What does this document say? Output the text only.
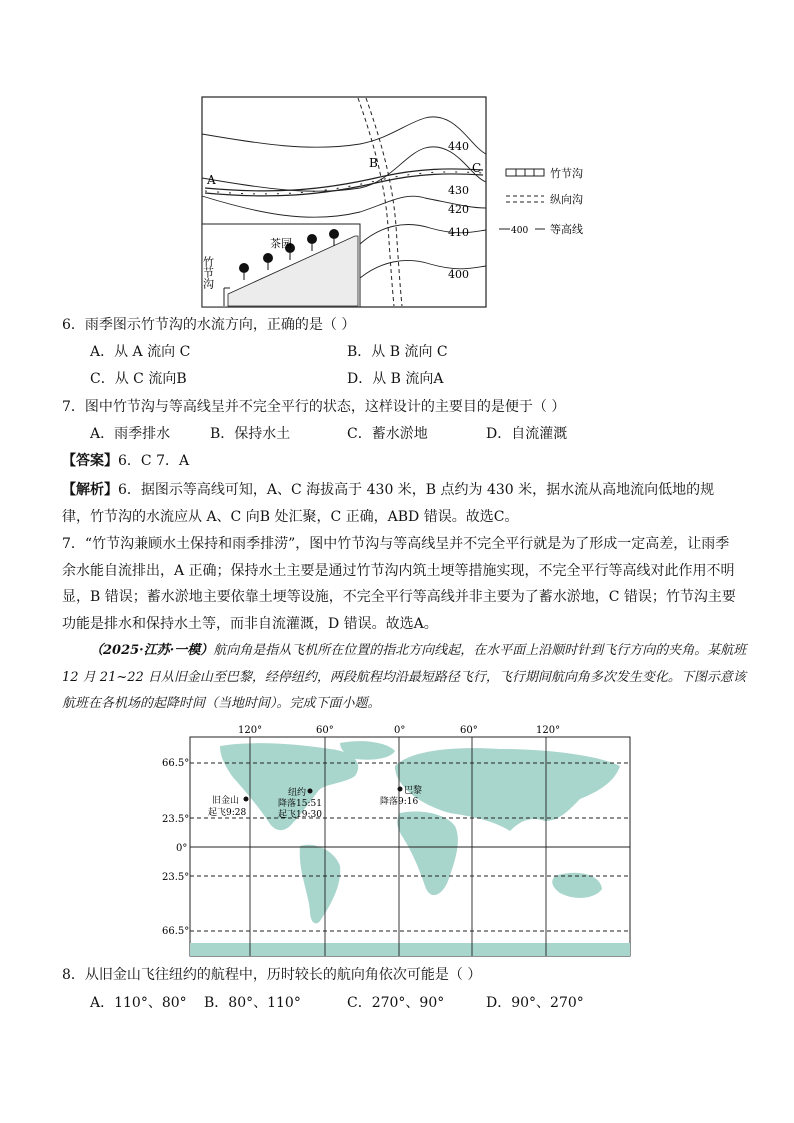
A
B	C
440
430
420
410
400
竹节沟
纵向沟
400 等高线
茶园
竹节沟
6．雨季图示竹节沟的水流方向，正确的是（ ）
A．从 A 流向 C	B．从 B 流向 C
C．从 C 流向B	D．从 B 流向A
7．图中竹节沟与等高线呈并不完全平行的状态，这样设计的主要目的是便于（ ）
A．雨季排水	B．保持水土	C．蓄水淤地	D．自流灌溉
【答案】6．C 7．A
【解析】6．据图示等高线可知，A、C 海拔高于 430 米，B 点约为 430 米，据水流从高地流向低地的规律，竹节沟的水流应从 A、C 向B 处汇聚，C 正确，ABD 错误。故选C。
7．“竹节沟兼顾水土保持和雨季排涝”，图中竹节沟与等高线呈并不完全平行就是为了形成一定高差，让雨季余水能自流排出，A 正确；保持水土主要是通过竹节沟内筑土埂等措施实现，不完全平行等高线对此作用不明显，B 错误；蓄水淤地主要依靠土埂等设施，不完全平行等高线并非主要为了蓄水淤地，C 错误；竹节沟主要功能是排水和保持水土等，而非自流灌溉，D 错误。故选A。
（2025·江苏·一模）航向角是指从飞机所在位置的指北方向线起，在水平面上沿顺时针到飞行方向的夹角。某航班 12 月 21~22 日从旧金山至巴黎，经停纽约，两段航程均沿最短路径飞行，飞行期间航向角多次发生变化。下图示意该航班在各机场的起降时间（当地时间）。完成下面小题。
120°	60°	0°	60°	120°
66.5°
23.5°
0°
23.5°
66.5°
旧金山
起飞9:28
纽约
降落15:51
起飞19:30
巴黎
降落9:16
8．从旧金山飞往纽约的航程中，历时较长的航向角依次可能是（ ）
A．110°、80° B．80°、110°	C．270°、90°	D．90°、270°
